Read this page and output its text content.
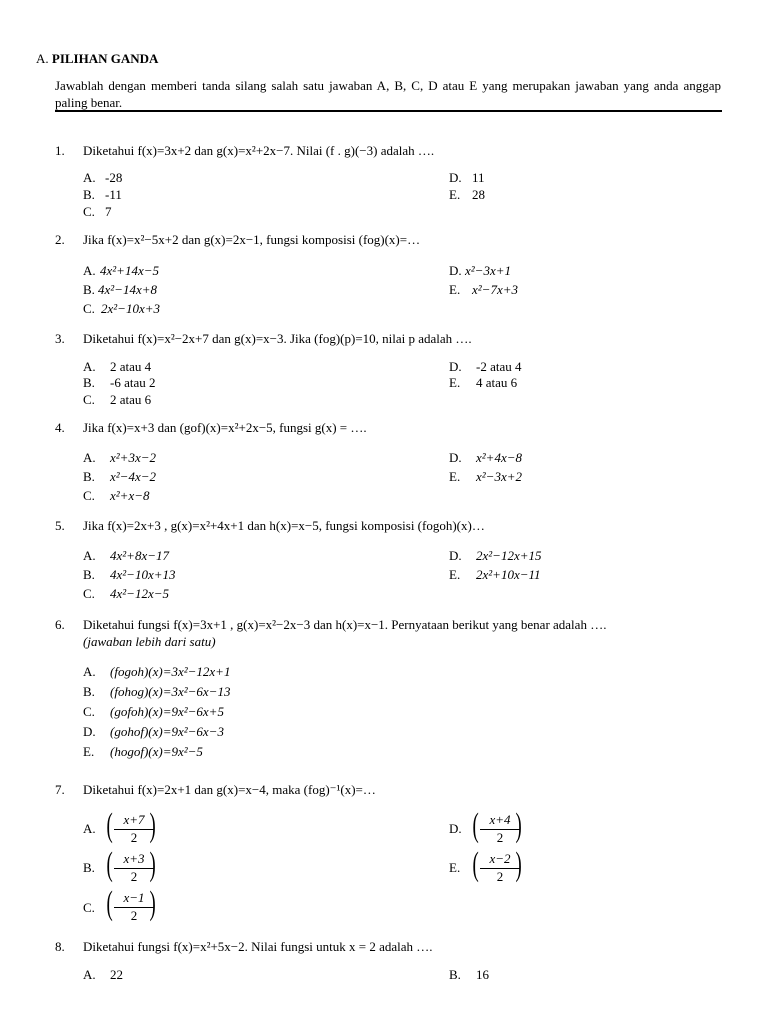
A. PILIHAN GANDA
Jawablah dengan memberi tanda silang salah satu jawaban A, B, C, D atau E yang merupakan jawaban yang anda anggap paling benar.
1. Diketahui f(x)=3x+2 dan g(x)=x²+2x−7. Nilai (f . g)(−3) adalah ….
A. -28
B. -11
C. 7
D. 11
E. 28
2. Jika f(x)=x²−5x+2 dan g(x)=2x−1, fungsi komposisi (fog)(x)=…
A. 4x²+14x−5
B. 4x²−14x+8
C. 2x²−10x+3
D. x²−3x+1
E. x²−7x+3
3. Diketahui f(x)=x²−2x+7 dan g(x)=x−3. Jika (fog)(p)=10, nilai p adalah ….
A. 2 atau 4
B. -6 atau 2
C. 2 atau 6
D. -2 atau 4
E. 4 atau 6
4. Jika f(x)=x+3 dan (gof)(x)=x²+2x−5, fungsi g(x) = ….
A. x²+3x−2
B. x²−4x−2
C. x²+x−8
D. x²+4x−8
E. x²−3x+2
5. Jika f(x)=2x+3 , g(x)=x²+4x+1 dan h(x)=x−5, fungsi komposisi (fogoh)(x)…
A. 4x²+8x−17
B. 4x²−10x+13
C. 4x²−12x−5
D. 2x²−12x+15
E. 2x²+10x−11
6. Diketahui fungsi f(x)=3x+1 , g(x)=x²−2x−3 dan h(x)=x−1. Pernyataan berikut yang benar adalah ….
(jawaban lebih dari satu)
A. (fogoh)(x)=3x²−12x+1
B. (fohog)(x)=3x²−6x−13
C. (gofoh)(x)=9x²−6x+5
D. (gohof)(x)=9x²−6x−3
E. (hogof)(x)=9x²−5
7. Diketahui f(x)=2x+1 dan g(x)=x−4, maka (fog)⁻¹(x)=…
A. ( )
x+7
2
B. ( )
x+3
2
C. ( )
x−1
2
D. ( )
x+4
2
E. ( )
x−2
2
8. Diketahui fungsi f(x)=x²+5x−2. Nilai fungsi untuk x = 2 adalah ….
A. 22	B. 16
